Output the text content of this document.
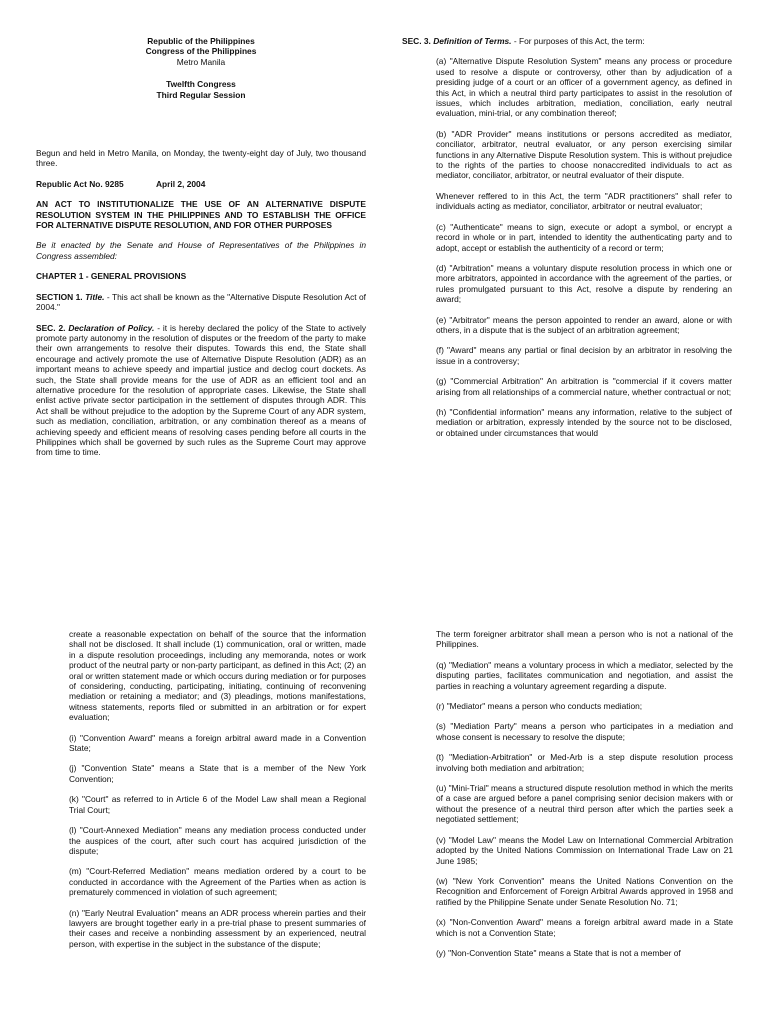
Republic of the Philippines

Congress of the Philippines

Metro Manila

Twelfth Congress

Third Regular Session

Begun and held in Metro Manila, on Monday, the twenty-eight day of July, two thousand three.

Republic Act No. 9285	April 2, 2004

AN ACT TO INSTITUTIONALIZE THE USE OF AN ALTERNATIVE DISPUTE RESOLUTION SYSTEM IN THE PHILIPPINES AND TO ESTABLISH THE OFFICE FOR ALTERNATIVE DISPUTE RESOLUTION, AND FOR OTHER PURPOSES

Be it enacted by the Senate and House of Representatives of the Philippines in Congress assembled:

CHAPTER 1 - GENERAL PROVISIONS

SECTION 1. Title. - This act shall be known as the "Alternative Dispute Resolution Act of 2004."

SEC. 2. Declaration of Policy. - it is hereby declared the policy of the State to actively promote party autonomy in the resolution of disputes or the freedom of the party to make their own arrangements to resolve their disputes. Towards this end, the State shall encourage and actively promote the use of Alternative Dispute Resolution (ADR) as an important means to achieve speedy and impartial justice and declog court dockets. As such, the State shall provide means for the use of ADR as an efficient tool and an alternative procedure for the resolution of appropriate cases. Likewise, the State shall enlist active private sector participation in the settlement of disputes through ADR. This Act shall be without prejudice to the adoption by the Supreme Court of any ADR system, such as mediation, conciliation, arbitration, or any combination thereof as a means of achieving speedy and efficient means of resolving cases pending before all courts in the Philippines which shall be governed by such rules as the Supreme Court may approve from time to time.

SEC. 3. Definition of Terms. - For purposes of this Act, the term:

(a) "Alternative Dispute Resolution System" means any process or procedure used to resolve a dispute or controversy, other than by adjudication of a presiding judge of a court or an officer of a government agency, as defined in this Act, in which a neutral third party participates to assist in the resolution of issues, which includes arbitration, mediation, conciliation, early neutral evaluation, mini-trial, or any combination thereof;

(b) "ADR Provider" means institutions or persons accredited as mediator, conciliator, arbitrator, neutral evaluator, or any person exercising similar functions in any Alternative Dispute Resolution system. This is without prejudice to the rights of the parties to choose nonaccredited individuals to act as mediator, conciliator, arbitrator, or neutral evaluator of their dispute.

Whenever reffered to in this Act, the term "ADR practitioners" shall refer to individuals acting as mediator, conciliator, arbitrator or neutral evaluator;

(c) "Authenticate" means to sign, execute or adopt a symbol, or encrypt a record in whole or in part, intended to identity the authenticating party and to adopt, accept or establish the authenticity of a record or term;

(d) "Arbitration" means a voluntary dispute resolution process in which one or more arbitrators, appointed in accordance with the agreement of the parties, or rules promulgated pursuant to this Act, resolve a dispute by rendering an award;

(e) "Arbitrator" means the person appointed to render an award, alone or with others, in a dispute that is the subject of an arbitration agreement;

(f) "Award" means any partial or final decision by an arbitrator in resolving the issue in a controversy;

(g) "Commercial Arbitration" An arbitration is "commercial if it covers matter arising from all relationships of a commercial nature, whether contractual or not;

(h) "Confidential information" means any information, relative to the subject of mediation or arbitration, expressly intended by the source not to be disclosed, or obtained under circumstances that would

create a reasonable expectation on behalf of the source that the information shall not be disclosed. It shall include (1) communication, oral or written, made in a dispute resolution proceedings, including any memoranda, notes or work product of the neutral party or non-party participant, as defined in this Act; (2) an oral or written statement made or which occurs during mediation or for purposes of considering, conducting, participating, initiating, continuing of reconvening mediation or retaining a mediator; and (3) pleadings, motions manifestations, witness statements, reports filed or submitted in an arbitration or for expert evaluation;

(i) "Convention Award" means a foreign arbitral award made in a Convention State;

(j) "Convention State" means a State that is a member of the New York Convention;

(k) "Court" as referred to in Article 6 of the Model Law shall mean a Regional Trial Court;

(l) "Court-Annexed Mediation" means any mediation process conducted under the auspices of the court, after such court has acquired jurisdiction of the dispute;

(m) "Court-Referred Mediation" means mediation ordered by a court to be conducted in accordance with the Agreement of the Parties when as action is prematurely commenced in violation of such agreement;

(n) "Early Neutral Evaluation" means an ADR process wherein parties and their lawyers are brought together early in a pre-trial phase to present summaries of their cases and receive a nonbinding assessment by an experienced, neutral person, with expertise in the subject in the substance of the dispute;

The term foreigner arbitrator shall mean a person who is not a national of the Philippines.

(q) "Mediation" means a voluntary process in which a mediator, selected by the disputing parties, facilitates communication and negotiation, and assist the parties in reaching a voluntary agreement regarding a dispute.

(r) "Mediator" means a person who conducts mediation;

(s) "Mediation Party" means a person who participates in a mediation and whose consent is necessary to resolve the dispute;

(t) "Mediation-Arbitration" or Med-Arb is a step dispute resolution process involving both mediation and arbitration;

(u) "Mini-Trial" means a structured dispute resolution method in which the merits of a case are argued before a panel comprising senior decision makers with or without the presence of a neutral third person after which the parties seek a negotiated settlement;

(v) "Model Law" means the Model Law on International Commercial Arbitration adopted by the United Nations Commission on International Trade Law on 21 June 1985;

(w) "New York Convention" means the United Nations Convention on the Recognition and Enforcement of Foreign Arbitral Awards approved in 1958 and ratified by the Philippine Senate under Senate Resolution No. 71;

(x) "Non-Convention Award" means a foreign arbitral award made in a State which is not a Convention State;

(y) "Non-Convention State" means a State that is not a member of
